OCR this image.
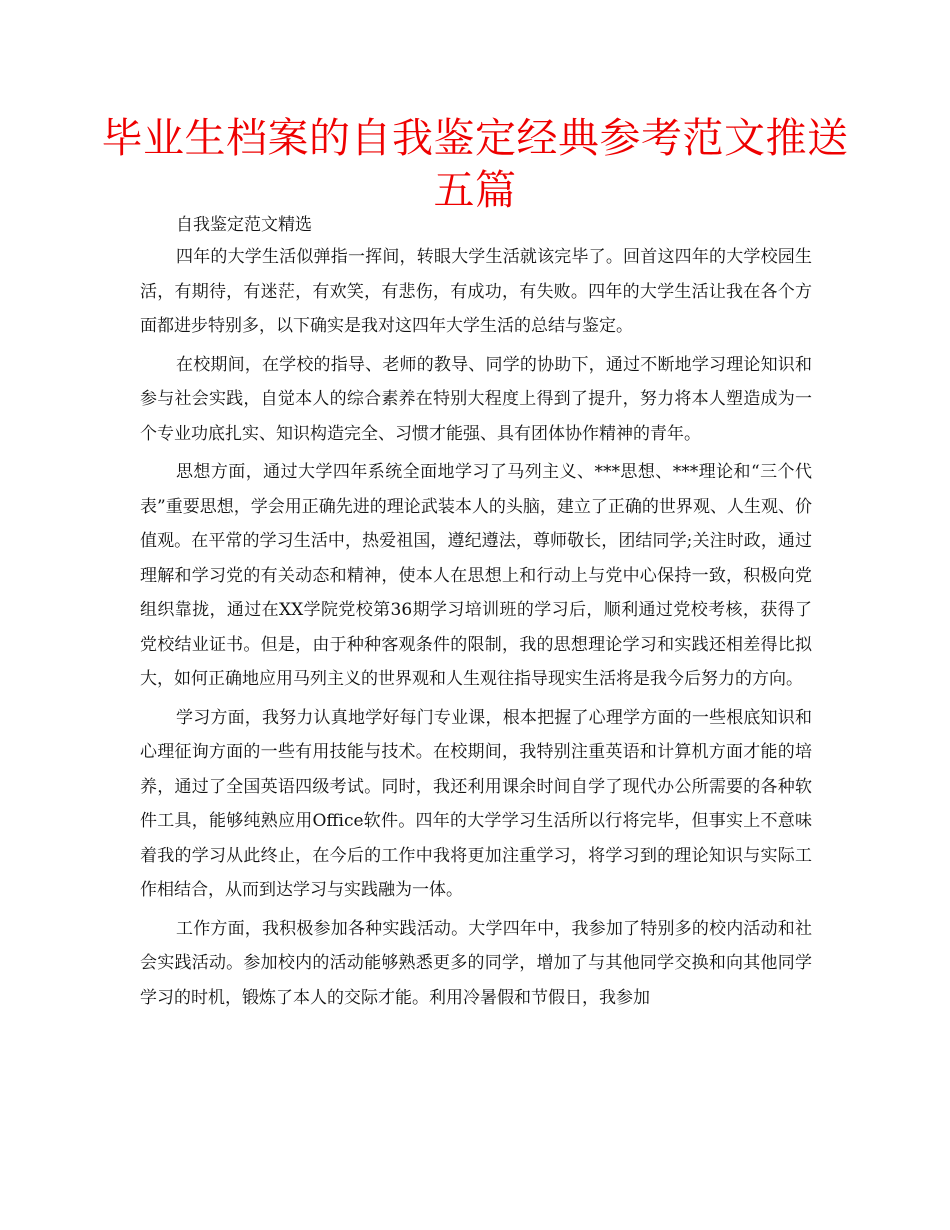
毕业生档案的自我鉴定经典参考范文推送五篇

自我鉴定范文精选

四年的大学生活似弹指一挥间，转眼大学生活就该完毕了。回首这四年的大学校园生活，有期待，有迷茫，有欢笑，有悲伤，有成功，有失败。四年的大学生活让我在各个方面都进步特别多，以下确实是我对这四年大学生活的总结与鉴定。

在校期间，在学校的指导、老师的教导、同学的协助下，通过不断地学习理论知识和参与社会实践，自觉本人的综合素养在特别大程度上得到了提升，努力将本人塑造成为一个专业功底扎实、知识构造完全、习惯才能强、具有团体协作精神的青年。

思想方面，通过大学四年系统全面地学习了马列主义、***思想、***理论和“三个代表”重要思想，学会用正确先进的理论武装本人的头脑，建立了正确的世界观、人生观、价值观。在平常的学习生活中，热爱祖国，遵纪遵法，尊师敬长，团结同学;关注时政，通过理解和学习党的有关动态和精神，使本人在思想上和行动上与党中心保持一致，积极向党组织靠拢，通过在XX学院党校第36期学习培训班的学习后，顺利通过党校考核，获得了党校结业证书。但是，由于种种客观条件的限制，我的思想理论学习和实践还相差得比拟大，如何正确地应用马列主义的世界观和人生观往指导现实生活将是我今后努力的方向。

学习方面，我努力认真地学好每门专业课，根本把握了心理学方面的一些根底知识和心理征询方面的一些有用技能与技术。在校期间，我特别注重英语和计算机方面才能的培养，通过了全国英语四级考试。同时，我还利用课余时间自学了现代办公所需要的各种软件工具，能够纯熟应用Office软件。四年的大学学习生活所以行将完毕，但事实上不意味着我的学习从此终止，在今后的工作中我将更加注重学习，将学习到的理论知识与实际工作相结合，从而到达学习与实践融为一体。

工作方面，我积极参加各种实践活动。大学四年中，我参加了特别多的校内活动和社会实践活动。参加校内的活动能够熟悉更多的同学，增加了与其他同学交换和向其他同学学习的时机，锻炼了本人的交际才能。利用冷暑假和节假日，我参加
